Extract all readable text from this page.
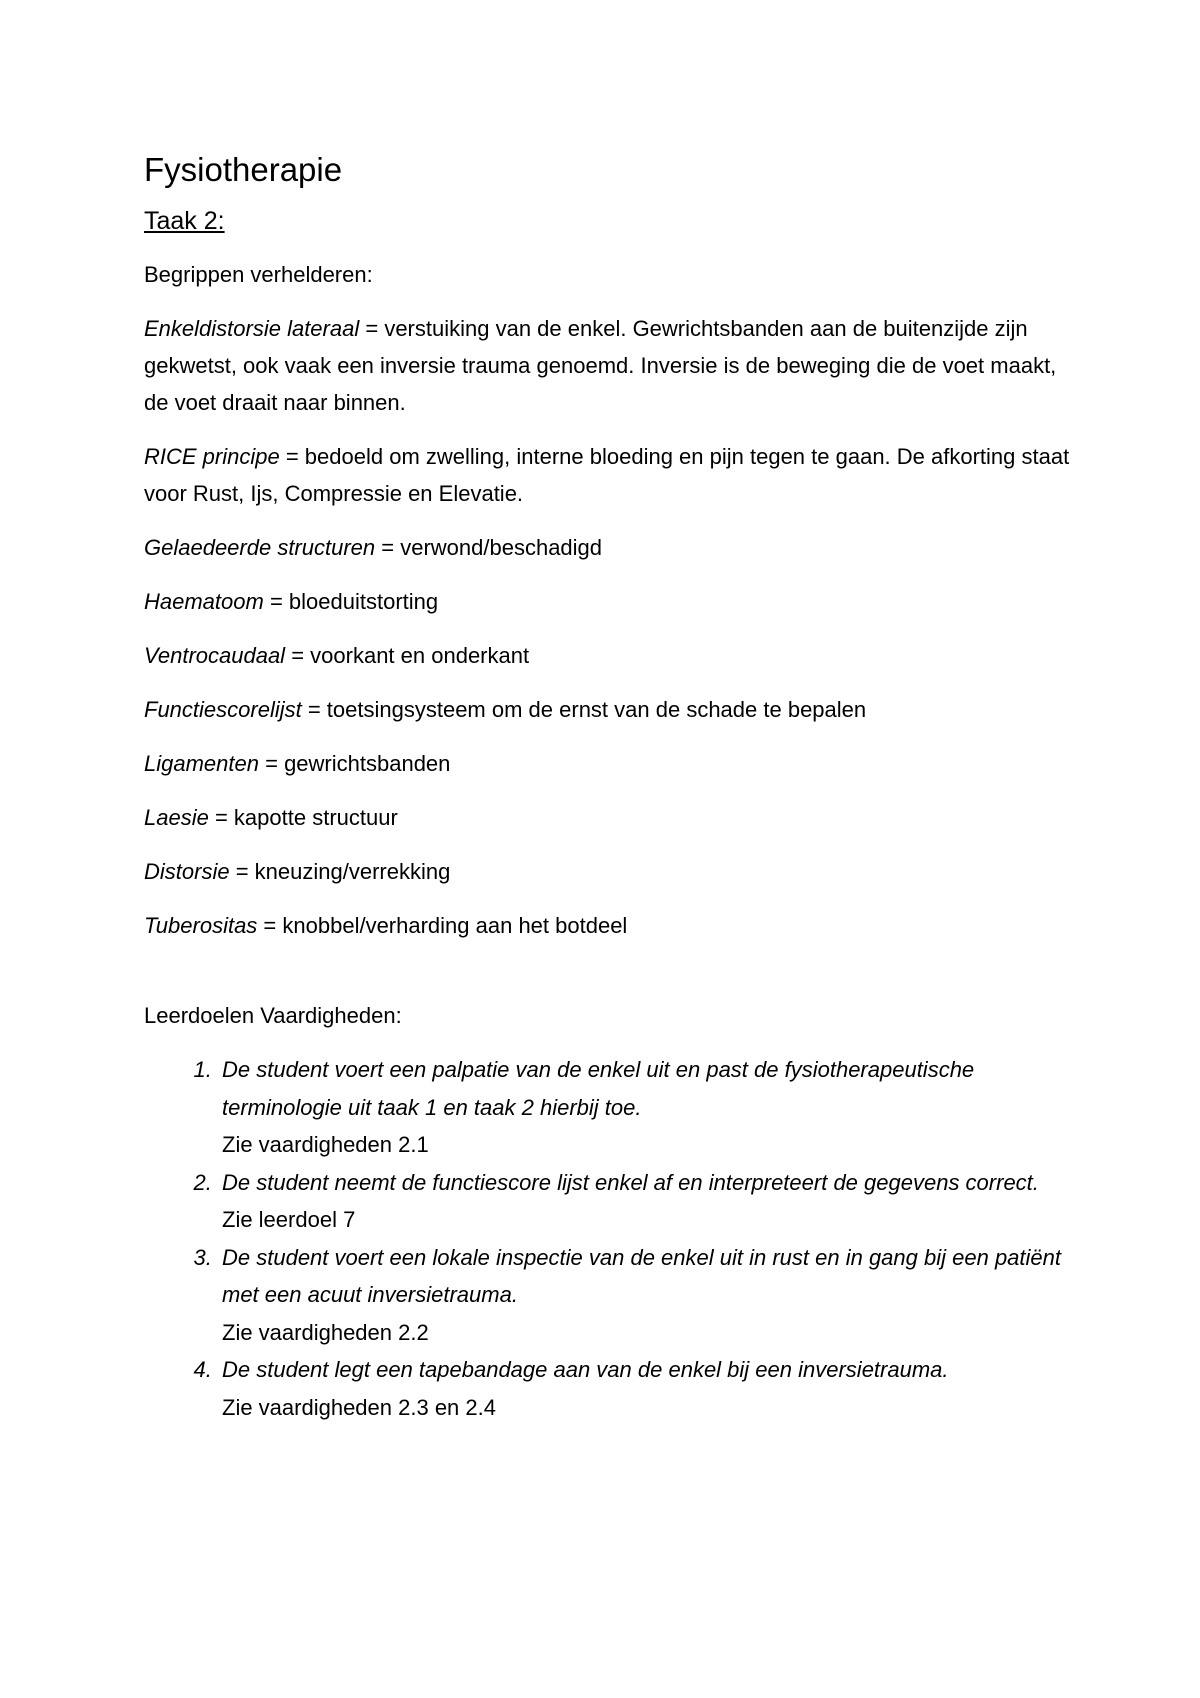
Fysiotherapie
Taak 2:
Begrippen verhelderen:
Enkeldistorsie lateraal = verstuiking van de enkel. Gewrichtsbanden aan de buitenzijde zijn gekwetst, ook vaak een inversie trauma genoemd. Inversie is de beweging die de voet maakt, de voet draait naar binnen.
RICE principe = bedoeld om zwelling, interne bloeding en pijn tegen te gaan. De afkorting staat voor Rust, Ijs, Compressie en Elevatie.
Gelaedeerde structuren = verwond/beschadigd
Haematoom = bloeduitstorting
Ventrocaudaal = voorkant en onderkant
Functiescorelijst = toetsingsysteem om de ernst van de schade te bepalen
Ligamenten = gewrichtsbanden
Laesie = kapotte structuur
Distorsie = kneuzing/verrekking
Tuberositas = knobbel/verharding aan het botdeel
Leerdoelen Vaardigheden:
1. De student voert een palpatie van de enkel uit en past de fysiotherapeutische terminologie uit taak 1 en taak 2 hierbij toe.
Zie vaardigheden 2.1
2. De student neemt de functiescore lijst enkel af en interpreteert de gegevens correct.
Zie leerdoel 7
3. De student voert een lokale inspectie van de enkel uit in rust en in gang bij een patiënt met een acuut inversietrauma.
Zie vaardigheden 2.2
4. De student legt een tapebandage aan van de enkel bij een inversietrauma.
Zie vaardigheden 2.3 en 2.4
